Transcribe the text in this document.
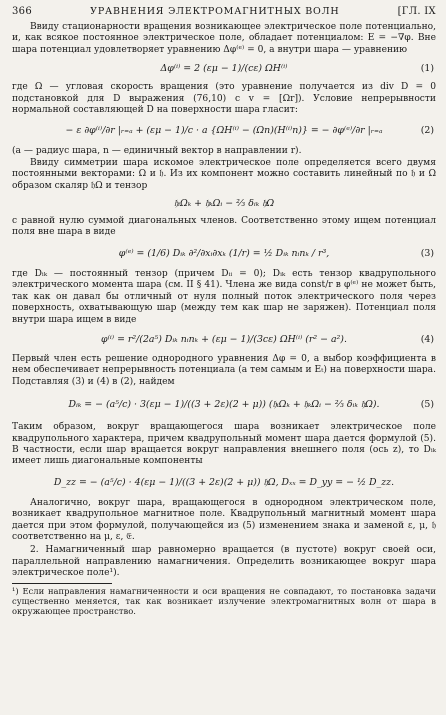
366	УРАВНЕНИЯ ЭЛЕКТРОМАГНИТНЫХ ВОЛН	[ГЛ. IX

Ввиду стационарности вращения возникающее электрическое поле потенциально, и, как всякое постоянное электрическое поле, обладает потенциалом: E = −∇φ. Вне шара потенциал удовлетворяет уравнению Δφ⁽ᵉ⁾ = 0, а внутри шара — уравнению

Δφ⁽ⁱ⁾ = 2 (εμ − 1)/(cε) ΩH⁽ⁱ⁾	(1)

где Ω — угловая скорость вращения (это уравнение получается из div D = 0 подстановкой для D выражения (76,10) с v = [Ωr]). Условие непрерывности нормальной составляющей D на поверхности шара гласит:

− ε ∂φ⁽ⁱ⁾/∂r |ᵣ₌ₐ + (εμ − 1)/c · a {ΩH⁽ⁱ⁾ − (Ωn)(H⁽ⁱ⁾n)} = − ∂φ⁽ᵉ⁾/∂r |ᵣ₌ₐ	(2)

(a — радиус шара, n — единичный вектор в направлении r).

Ввиду симметрии шара искомое электрическое поле определяется всего двумя постоянными векторами: Ω и 𝔥. Из их компонент можно составить линейный по 𝔥 и Ω образом скаляр 𝔥Ω и тензор

𝔥ᵢΩₖ + 𝔥ₖΩᵢ − ⅔ δᵢₖ 𝔥Ω

с равной нулю суммой диагональных членов. Соответственно этому ищем потенциал поля вне шара в виде

φ⁽ᵉ⁾ = (1/6) Dᵢₖ ∂²/∂xᵢ∂xₖ (1/r) = ½ Dᵢₖ nᵢnₖ / r³,	(3)

где Dᵢₖ — постоянный тензор (причем Dᵢᵢ = 0); Dᵢₖ есть тензор квадрупольного электрического момента шара (см. II § 41). Члена же вида const/r в φ⁽ᵉ⁾ не может быть, так как он давал бы отличный от нуля полный поток электрического поля через поверхность, охватывающую шар (между тем как шар не заряжен). Потенциал поля внутри шара ищем в виде

φ⁽ⁱ⁾ = r²/(2a⁵) Dᵢₖ nᵢnₖ + (εμ − 1)/(3cε) ΩH⁽ⁱ⁾ (r² − a²).	(4)

Первый член есть решение однородного уравнения Δφ = 0, а выбор коэффициента в нем обеспечивает непрерывность потенциала (а тем самым и Eₜ) на поверхности шара. Подставляя (3) и (4) в (2), найдем

Dᵢₖ = − (a⁵/c) · 3(εμ − 1)/((3 + 2ε)(2 + μ)) (𝔥ᵢΩₖ + 𝔥ₖΩᵢ − ⅔ δᵢₖ 𝔥Ω).	(5)

Таким образом, вокруг вращающегося шара возникает электрическое поле квадрупольного характера, причем квадрупольный момент шара дается формулой (5). В частности, если шар вращается вокруг направления внешнего поля (ось z), то Dᵢₖ имеет лишь диагональные компоненты

D_zz = − (a⁵/c) · 4(εμ − 1)/((3 + 2ε)(2 + μ)) 𝔥Ω, Dₓₓ = D_yy = − ½ D_zz.

Аналогично, вокруг шара, вращающегося в однородном электрическом поле, возникает квадрупольное магнитное поле. Квадрупольный магнитный момент шара дается при этом формулой, получающейся из (5) изменением знака и заменой ε, μ, 𝔥 соответственно на μ, ε, 𝔈.

2. Намагниченный шар равномерно вращается (в пустоте) вокруг своей оси, параллельной направлению намагничения. Определить возникающее вокруг шара электрическое поле¹).

¹) Если направления намагниченности и оси вращения не совпадают, то постановка задачи существенно меняется, так как возникает излучение электромагнитных волн от шара в окружающее пространство.
